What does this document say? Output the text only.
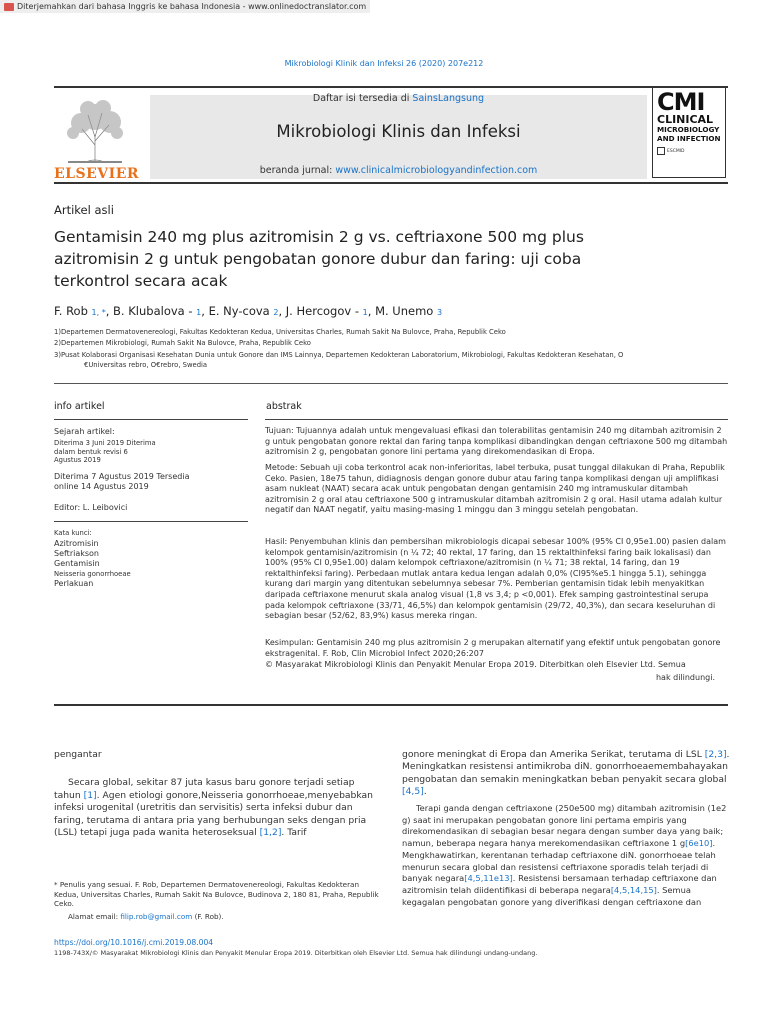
Diterjemahkan dari bahasa Inggris ke bahasa Indonesia - www.onlinedoctranslator.com
Mikrobiologi Klinik dan Infeksi 26 (2020) 207e212
ELSEVIER
Daftar isi tersedia di SainsLangsung
Mikrobiologi Klinis dan Infeksi
beranda jurnal: www.clinicalmicrobiologyandinfection.com
CMI
CLINICAL
MICROBIOLOGY
AND INFECTION
ESCMID
Artikel asli
Gentamisin 240 mg plus azitromisin 2 g vs. ceftriaxone 500 mg plus
azitromisin 2 g untuk pengobatan gonore dubur dan faring: uji coba
terkontrol secara acak
F. Rob 1, *, B. Klubalova - 1, E. Ny-cova 2, J. Hercogov - 1, M. Unemo 3
1)Departemen Dermatovenereologi, Fakultas Kedokteran Kedua, Universitas Charles, Rumah Sakit Na Bulovce, Praha, Republik Ceko
2)Departemen Mikrobiologi, Rumah Sakit Na Bulovce, Praha, Republik Ceko
3)Pusat Kolaborasi Organisasi Kesehatan Dunia untuk Gonore dan IMS Lainnya, Departemen Kedokteran Laboratorium, Mikrobiologi, Fakultas Kedokteran Kesehatan, O
€Universitas rebro, O€rebro, Swedia
info artikel
Sejarah artikel:
Diterima 3 Juni 2019 Diterima
dalam bentuk revisi 6
Agustus 2019
Diterima 7 Agustus 2019 Tersedia
online 14 Agustus 2019
Editor: L. Leibovici
Kata kunci:
Azitromisin
Seftriakson
Gentamisin
Neisseria gonorrhoeae
Perlakuan
abstrak
Tujuan: Tujuannya adalah untuk mengevaluasi efikasi dan tolerabilitas gentamisin 240 mg ditambah azitromisin 2 g untuk pengobatan gonore rektal dan faring tanpa komplikasi dibandingkan dengan ceftriaxone 500 mg ditambah azitromisin 2 g, pengobatan gonore lini pertama yang direkomendasikan di Eropa.
Metode: Sebuah uji coba terkontrol acak non-inferioritas, label terbuka, pusat tunggal dilakukan di Praha, Republik Ceko. Pasien, 18e75 tahun, didiagnosis dengan gonore dubur atau faring tanpa komplikasi dengan uji amplifikasi asam nukleat (NAAT) secara acak untuk pengobatan dengan gentamisin 240 mg intramuskular ditambah azitromisin 2 g oral atau ceftriaxone 500 g intramuskular ditambah azitromisin 2 g oral. Hasil utama adalah kultur negatif dan NAAT negatif, yaitu masing-masing 1 minggu dan 3 minggu setelah pengobatan.
Hasil: Penyembuhan klinis dan pembersihan mikrobiologis dicapai sebesar 100% (95% CI 0,95e1.00) pasien dalam kelompok gentamisin/azitromisin (n ¼ 72; 40 rektal, 17 faring, dan 15 rektalthinfeksi faring baik lokalisasi) dan 100% (95% CI 0,95e1.00) dalam kelompok ceftriaxone/azitromisin (n ¼ 71; 38 rektal, 14 faring, dan 19 rektalthinfeksi faring). Perbedaan mutlak antara kedua lengan adalah 0,0% (CI95%e5.1 hingga 5.1), sehingga kurang dari margin yang ditentukan sebelumnya sebesar 7%. Pemberian gentamisin tidak lebih menyakitkan daripada ceftriaxone menurut skala analog visual (1,8 vs 3,4; p <0,001). Efek samping gastrointestinal serupa pada kelompok ceftriaxone (33/71, 46,5%) dan kelompok gentamisin (29/72, 40,3%), dan secara keseluruhan di sebagian besar (52/62, 83,9%) kasus mereka ringan.
Kesimpulan: Gentamisin 240 mg plus azitromisin 2 g merupakan alternatif yang efektif untuk pengobatan gonore ekstragenital. F. Rob, Clin Microbiol Infect 2020;26:207
© Masyarakat Mikrobiologi Klinis dan Penyakit Menular Eropa 2019. Diterbitkan oleh Elsevier Ltd. Semua
hak dilindungi.
pengantar
Secara global, sekitar 87 juta kasus baru gonore terjadi setiap tahun [1]. Agen etiologi gonore,Neisseria gonorrhoeae,menyebabkan infeksi urogenital (uretritis dan servisitis) serta infeksi dubur dan faring, terutama di antara pria yang berhubungan seks dengan pria (LSL) tetapi juga pada wanita heteroseksual [1,2]. Tarif
* Penulis yang sesuai. F. Rob, Departemen Dermatovenereologi, Fakultas Kedokteran Kedua, Universitas Charles, Rumah Sakit Na Bulovce, Budinova 2, 180 81, Praha, Republik Ceko.
Alamat email: filip.rob@gmail.com (F. Rob).
gonore meningkat di Eropa dan Amerika Serikat, terutama di LSL [2,3]. Meningkatkan resistensi antimikroba diN. gonorrhoeaemembahayakan pengobatan dan semakin meningkatkan beban penyakit secara global [4,5].
Terapi ganda dengan ceftriaxone (250e500 mg) ditambah azitromisin (1e2 g) saat ini merupakan pengobatan gonore lini pertama empiris yang direkomendasikan di sebagian besar negara dengan sumber daya yang baik; namun, beberapa negara hanya merekomendasikan ceftriaxone 1 g[6e10]. Mengkhawatirkan, kerentanan terhadap ceftriaxone diN. gonorrhoeae telah menurun secara global dan resistensi ceftriaxone sporadis telah terjadi di banyak negara[4,5,11e13]. Resistensi bersamaan terhadap ceftriaxone dan azitromisin telah diidentifikasi di beberapa negara[4,5,14,15]. Semua kegagalan pengobatan gonore yang diverifikasi dengan ceftriaxone dan
https://doi.org/10.1016/j.cmi.2019.08.004
1198-743X/© Masyarakat Mikrobiologi Klinis dan Penyakit Menular Eropa 2019. Diterbitkan oleh Elsevier Ltd. Semua hak dilindungi undang-undang.
